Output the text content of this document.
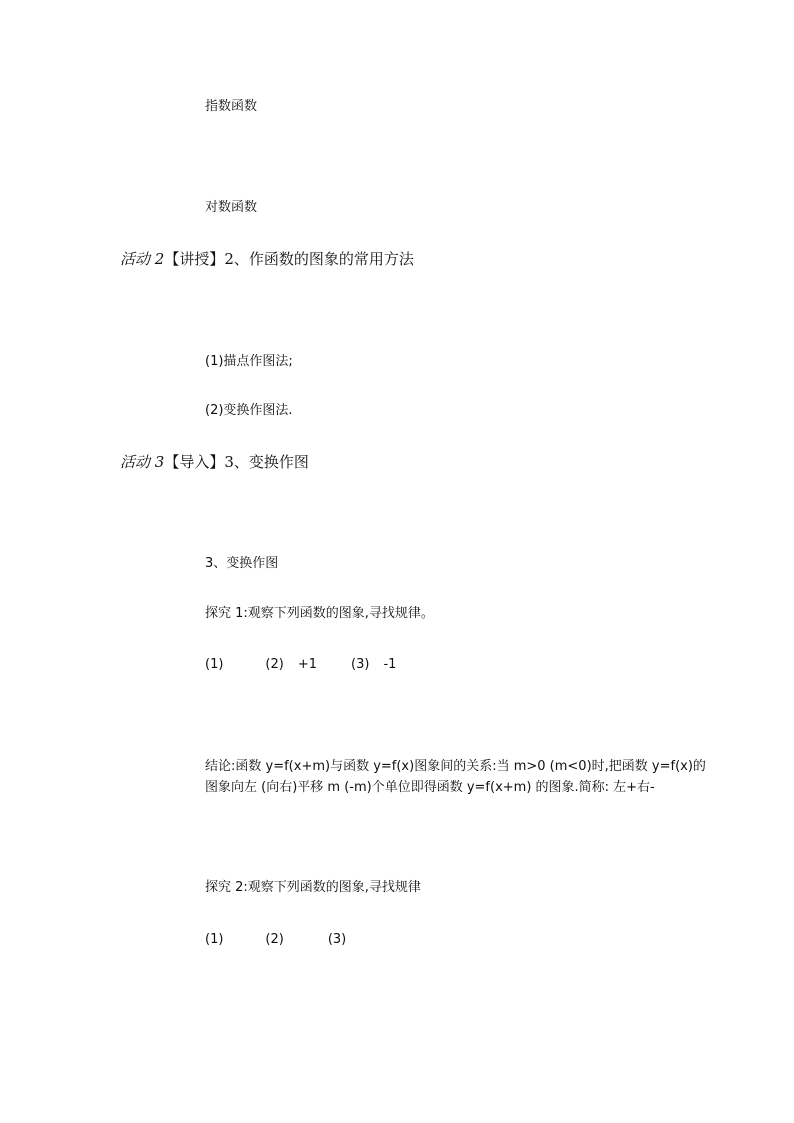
指数函数
对数函数
活动 2【讲授】2、作函数的图象的常用方法
(1)描点作图法;
(2)变换作图法.
活动 3【导入】3、变换作图
3、变换作图
探究 1:观察下列函数的图象,寻找规律。
(1)	(2) +1	(3) -1
结论:函数 y=f(x+m)与函数 y=f(x)图象间的关系:当 m>0 (m<0)时,把函数 y=f(x)的
图象向左 (向右)平移 m (-m)个单位即得函数 y=f(x+m) 的图象.简称: 左+右-
探究 2:观察下列函数的图象,寻找规律
(1)	(2)	(3)
